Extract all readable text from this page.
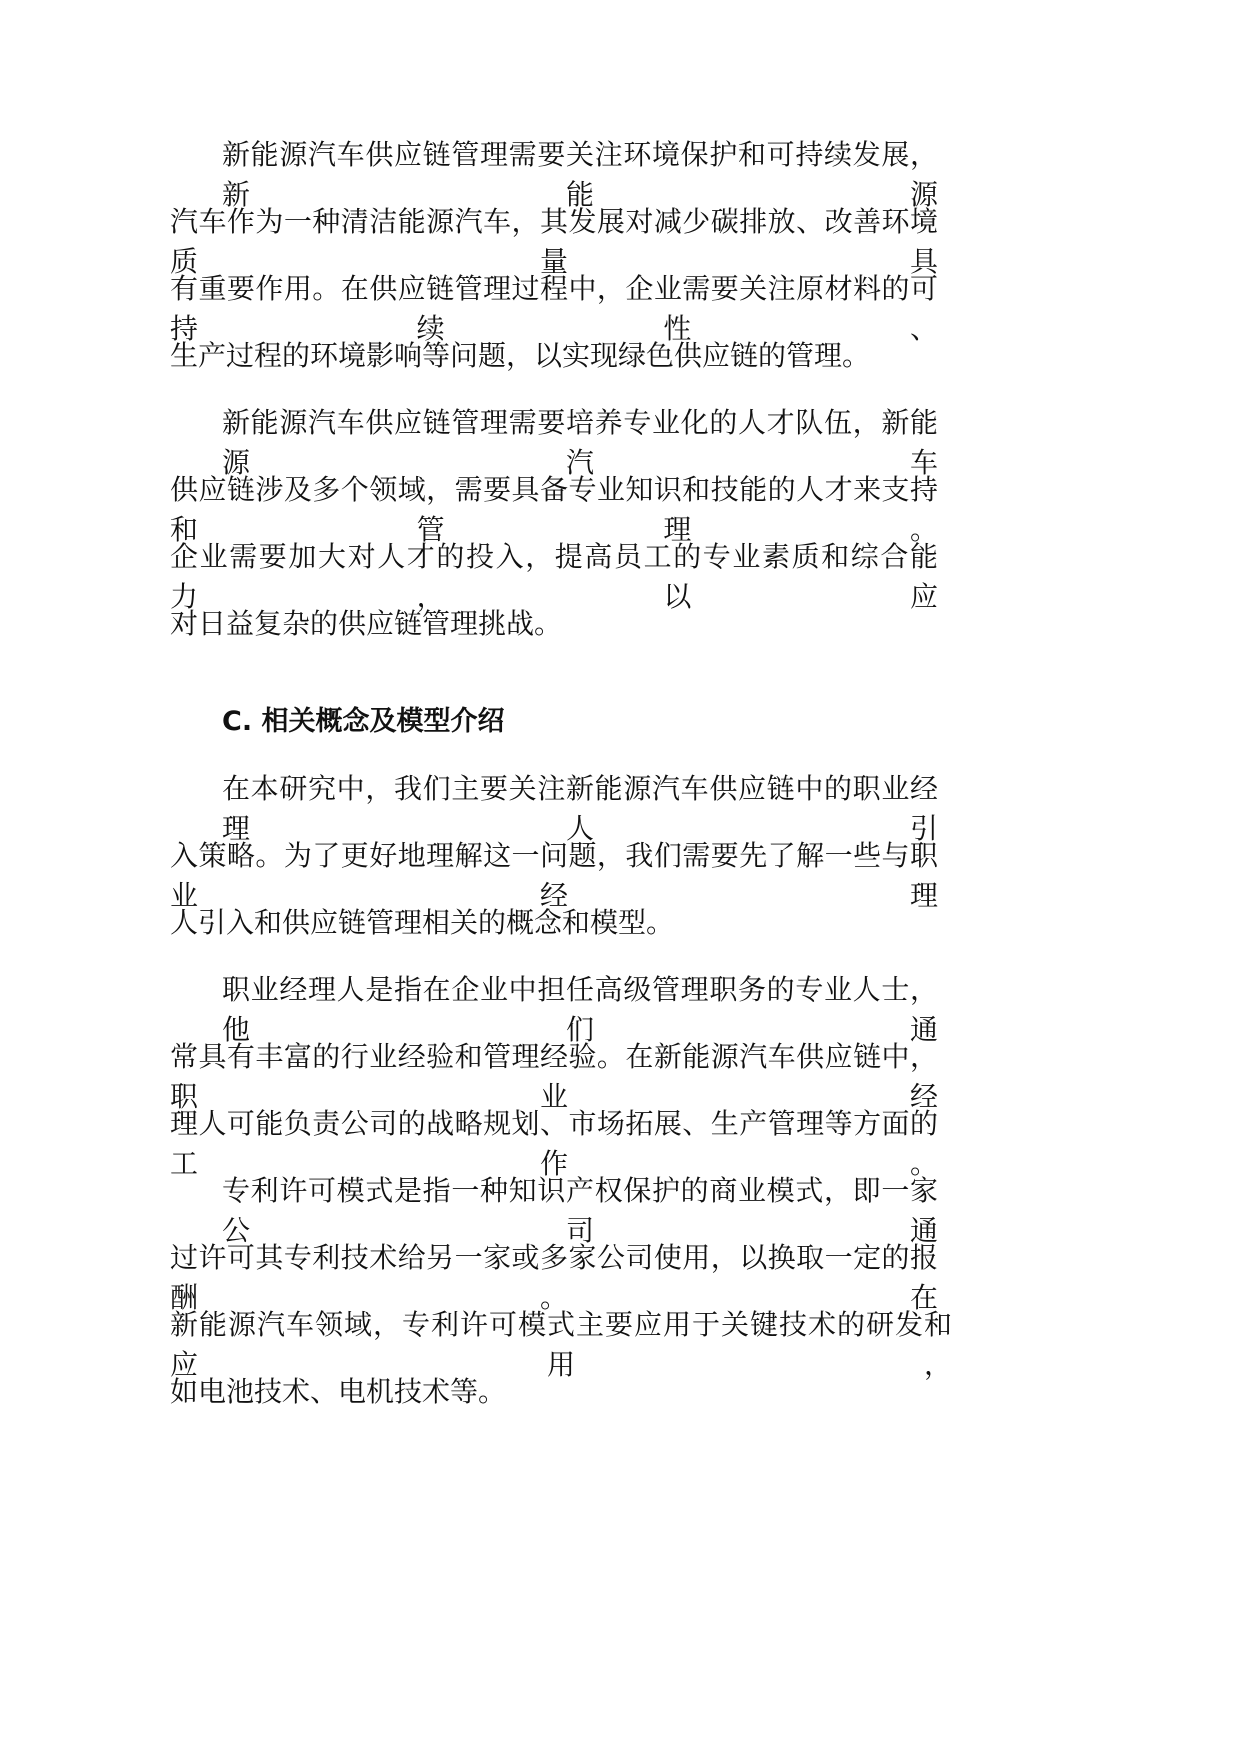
新能源汽车供应链管理需要关注环境保护和可持续发展，新能源

汽车作为一种清洁能源汽车，其发展对减少碳排放、改善环境质量具

有重要作用。在供应链管理过程中，企业需要关注原材料的可持续性、

生产过程的环境影响等问题，以实现绿色供应链的管理。

新能源汽车供应链管理需要培养专业化的人才队伍，新能源汽车

供应链涉及多个领域，需要具备专业知识和技能的人才来支持和管理。

企业需要加大对人才的投入，提高员工的专业素质和综合能力，以应

对日益复杂的供应链管理挑战。

C. 相关概念及模型介绍

在本研究中，我们主要关注新能源汽车供应链中的职业经理人引

入策略。为了更好地理解这一问题，我们需要先了解一些与职业经理

人引入和供应链管理相关的概念和模型。

职业经理人是指在企业中担任高级管理职务的专业人士，他们通

常具有丰富的行业经验和管理经验。在新能源汽车供应链中，职业经

理人可能负责公司的战略规划、市场拓展、生产管理等方面的工作。

专利许可模式是指一种知识产权保护的商业模式，即一家公司通

过许可其专利技术给另一家或多家公司使用，以换取一定的报酬。在

新能源汽车领域，专利许可模式主要应用于关键技术的研发和应用，

如电池技术、电机技术等。
